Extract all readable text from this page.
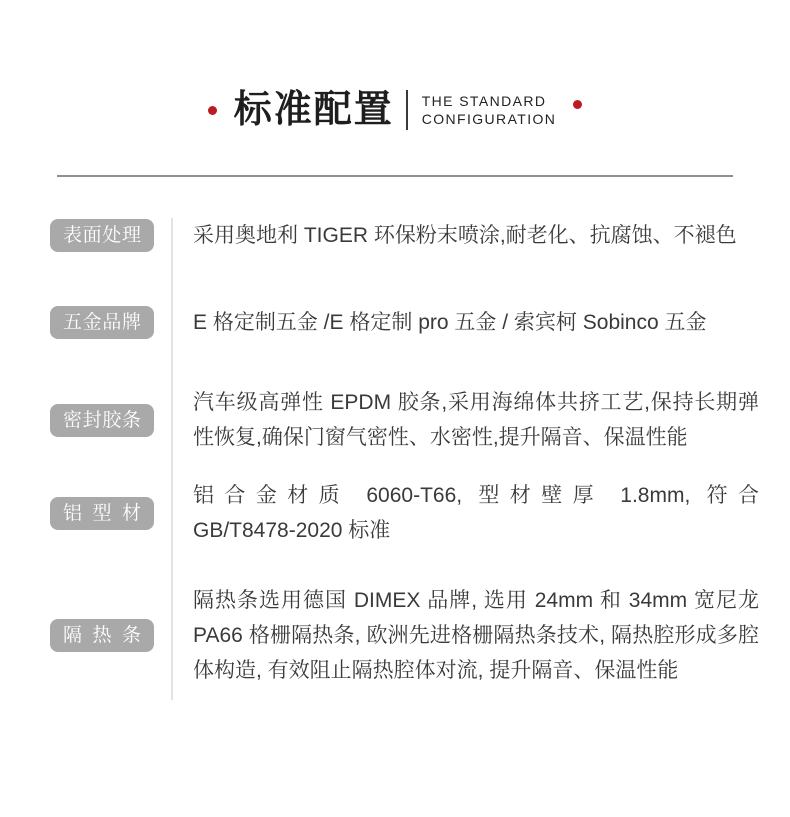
标准配置 THE STANDARD
CONFIGURATION
表面处理	采用奥地利 TIGER 环保粉末喷涂,耐老化、抗腐蚀、不褪色
五金品牌	E 格定制五金 /E 格定制 pro 五金 / 索宾柯 Sobinco 五金
密封胶条
汽车级高弹性 EPDM 胶条,采用海绵体共挤工艺,保持长期弹性恢复,确保门窗气密性、水密性,提升隔音、保温性能
铝型材
铝合金材质 6060-T66, 型材壁厚 1.8mm, 符合 GB/T8478-2020 标准
隔热条
隔热条选用德国 DIMEX 品牌, 选用 24mm 和 34mm 宽尼龙 PA66 格栅隔热条, 欧洲先进格栅隔热条技术, 隔热腔形成多腔体构造, 有效阻止隔热腔体对流, 提升隔音、保温性能
